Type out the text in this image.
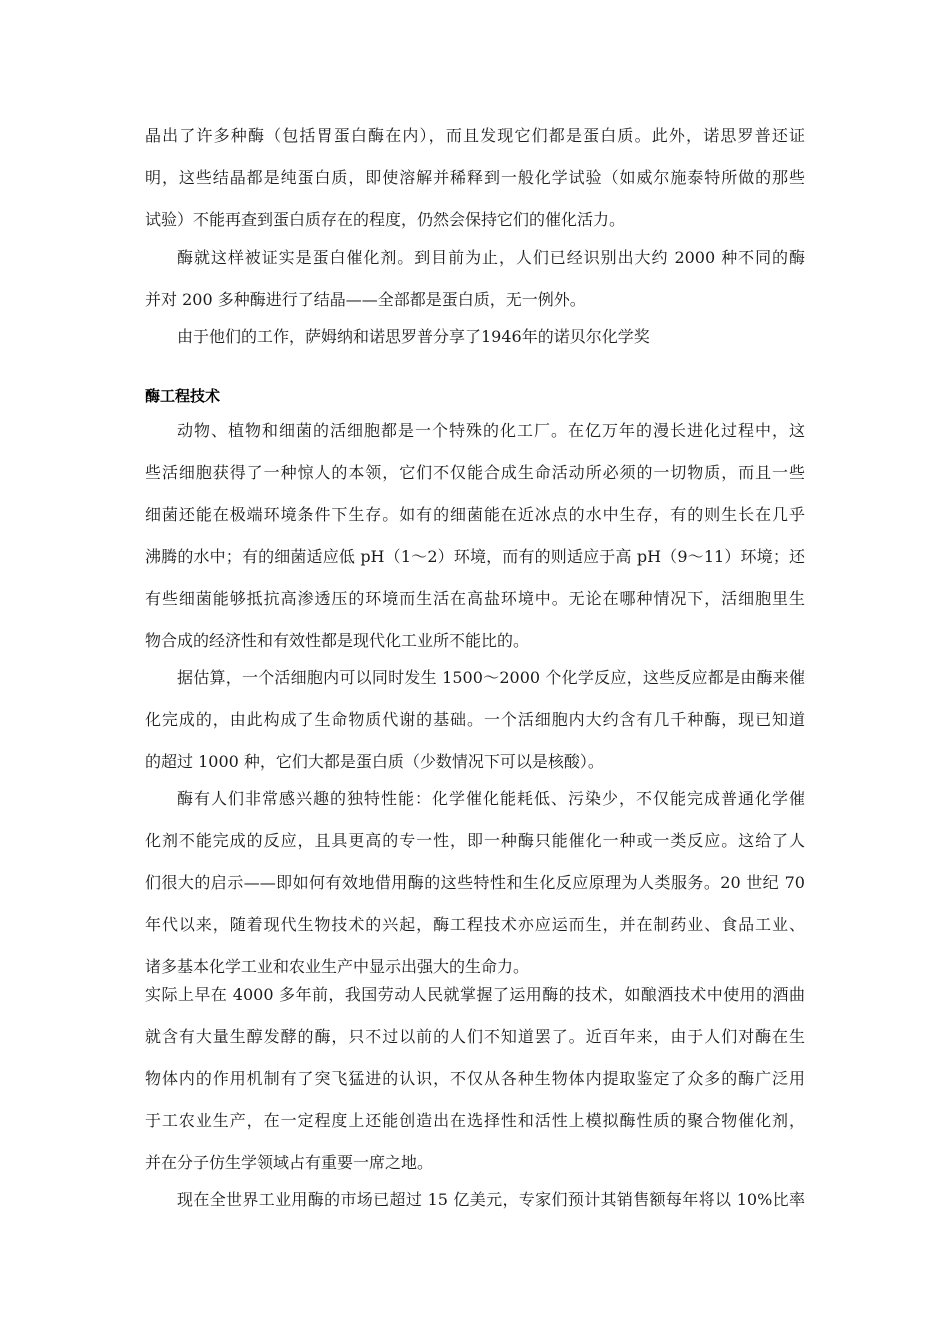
晶出了许多种酶（包括胃蛋白酶在内），而且发现它们都是蛋白质。此外，诺思罗普还证
明，这些结晶都是纯蛋白质，即使溶解并稀释到一般化学试验（如威尔施泰特所做的那些
试验）不能再查到蛋白质存在的程度，仍然会保持它们的催化活力。
酶就这样被证实是蛋白催化剂。到目前为止，人们已经识别出大约 2000 种不同的酶
并对 200 多种酶进行了结晶——全部都是蛋白质，无一例外。
由于他们的工作，萨姆纳和诺思罗普分享了1946年的诺贝尔化学奖
酶工程技术
动物、植物和细菌的活细胞都是一个特殊的化工厂。在亿万年的漫长进化过程中，这
些活细胞获得了一种惊人的本领，它们不仅能合成生命活动所必须的一切物质，而且一些
细菌还能在极端环境条件下生存。如有的细菌能在近冰点的水中生存，有的则生长在几乎
沸腾的水中；有的细菌适应低 pH（1～2）环境，而有的则适应于高 pH（9～11）环境；还
有些细菌能够抵抗高渗透压的环境而生活在高盐环境中。无论在哪种情况下，活细胞里生
物合成的经济性和有效性都是现代化工业所不能比的。
据估算，一个活细胞内可以同时发生 1500～2000 个化学反应，这些反应都是由酶来催
化完成的，由此构成了生命物质代谢的基础。一个活细胞内大约含有几千种酶，现已知道
的超过 1000 种，它们大都是蛋白质（少数情况下可以是核酸）。
酶有人们非常感兴趣的独特性能：化学催化能耗低、污染少，不仅能完成普通化学催
化剂不能完成的反应，且具更高的专一性，即一种酶只能催化一种或一类反应。这给了人
们很大的启示——即如何有效地借用酶的这些特性和生化反应原理为人类服务。20 世纪 70
年代以来，随着现代生物技术的兴起，酶工程技术亦应运而生，并在制药业、食品工业、
诸多基本化学工业和农业生产中显示出强大的生命力。
实际上早在 4000 多年前，我国劳动人民就掌握了运用酶的技术，如酿酒技术中使用的酒曲
就含有大量生醇发酵的酶，只不过以前的人们不知道罢了。近百年来，由于人们对酶在生
物体内的作用机制有了突飞猛进的认识，不仅从各种生物体内提取鉴定了众多的酶广泛用
于工农业生产，在一定程度上还能创造出在选择性和活性上模拟酶性质的聚合物催化剂，
并在分子仿生学领域占有重要一席之地。
现在全世界工业用酶的市场已超过 15 亿美元，专家们预计其销售额每年将以 10%比率
